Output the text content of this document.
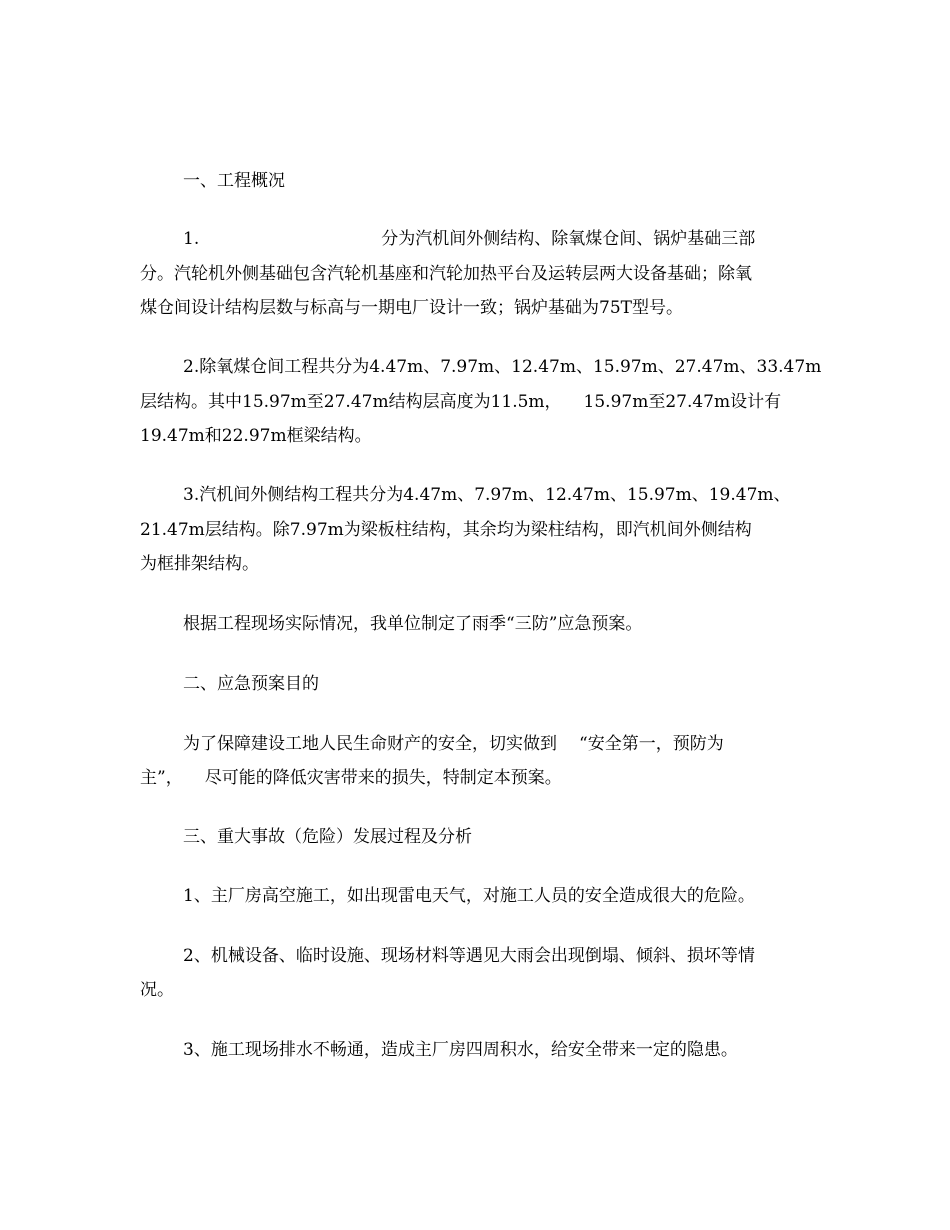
一、工程概况
1.	分为汽机间外侧结构、除氧煤仓间、锅炉基础三部
分。汽轮机外侧基础包含汽轮机基座和汽轮加热平台及运转层两大设备基础；除氧
煤仓间设计结构层数与标高与一期电厂设计一致；锅炉基础为75T型号。
2.除氧煤仓间工程共分为4.47m、7.97m、12.47m、15.97m、27.47m、33.47m
层结构。其中15.97m至27.47m结构层高度为11.5m， 15.97m至27.47m设计有
19.47m和22.97m框梁结构。
3.汽机间外侧结构工程共分为4.47m、7.97m、12.47m、15.97m、19.47m、
21.47m层结构。除7.97m为梁板柱结构，其余均为梁柱结构，即汽机间外侧结构
为框排架结构。
根据工程现场实际情况，我单位制定了雨季“三防”应急预案。
二、应急预案目的
为了保障建设工地人民生命财产的安全，切实做到 “安全第一，预防为
主”， 尽可能的降低灾害带来的损失，特制定本预案。
三、重大事故（危险）发展过程及分析
1、主厂房高空施工，如出现雷电天气，对施工人员的安全造成很大的危险。
2、机械设备、临时设施、现场材料等遇见大雨会出现倒塌、倾斜、损坏等情
况。
3、施工现场排水不畅通，造成主厂房四周积水，给安全带来一定的隐患。
